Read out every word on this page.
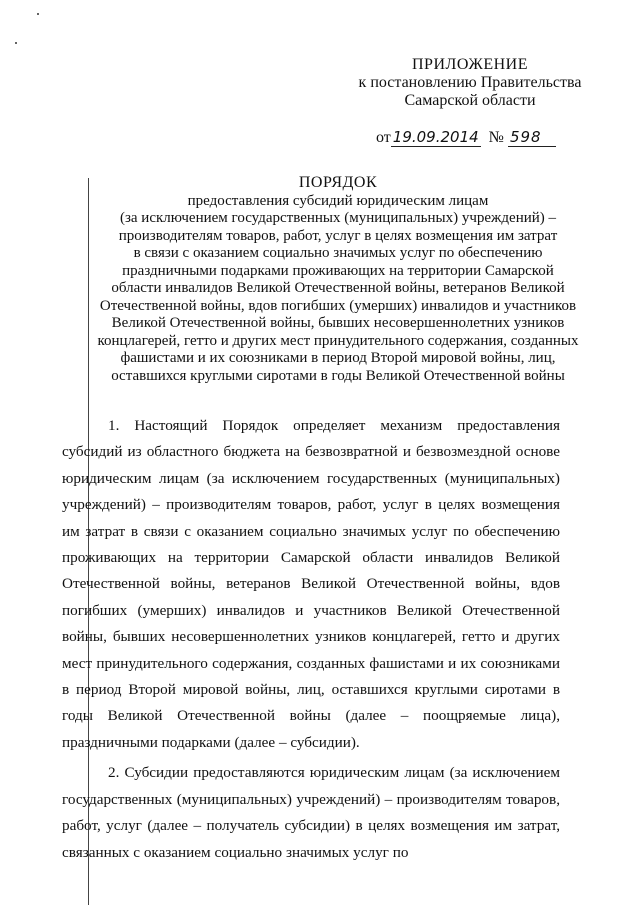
ПРИЛОЖЕНИЕ
к постановлению Правительства
Самарской области
от 19.09.2014 № 598
ПОРЯДОК
предоставления субсидий юридическим лицам
(за исключением государственных (муниципальных) учреждений) –
производителям товаров, работ, услуг в целях возмещения им затрат
в связи с оказанием социально значимых услуг по обеспечению
праздничными подарками проживающих на территории Самарской
области инвалидов Великой Отечественной войны, ветеранов Великой
Отечественной войны, вдов погибших (умерших) инвалидов и участников
Великой Отечественной войны, бывших несовершеннолетних узников
концлагерей, гетто и других мест принудительного содержания, созданных
фашистами и их союзниками в период Второй мировой войны, лиц,
оставшихся круглыми сиротами в годы Великой Отечественной войны

1. Настоящий Порядок определяет механизм предоставления субсидий из областного бюджета на безвозвратной и безвозмездной основе юридическим лицам (за исключением государственных (муниципальных) учреждений) – производителям товаров, работ, услуг в целях возмещения им затрат в связи с оказанием социально значимых услуг по обеспечению проживающих на территории Самарской области инвалидов Великой Отечественной войны, ветеранов Великой Отечественной войны, вдов погибших (умерших) инвалидов и участников Великой Отечественной войны, бывших несовершеннолетних узников концлагерей, гетто и других мест принудительного содержания, созданных фашистами и их союзниками в период Второй мировой войны, лиц, оставшихся круглыми сиротами в годы Великой Отечественной войны (далее – поощряемые лица), праздничными подарками (далее – субсидии).

2. Субсидии предоставляются юридическим лицам (за исключением государственных (муниципальных) учреждений) – производителям товаров, работ, услуг (далее – получатель субсидии) в целях возмещения им затрат, связанных с оказанием социально значимых услуг по
